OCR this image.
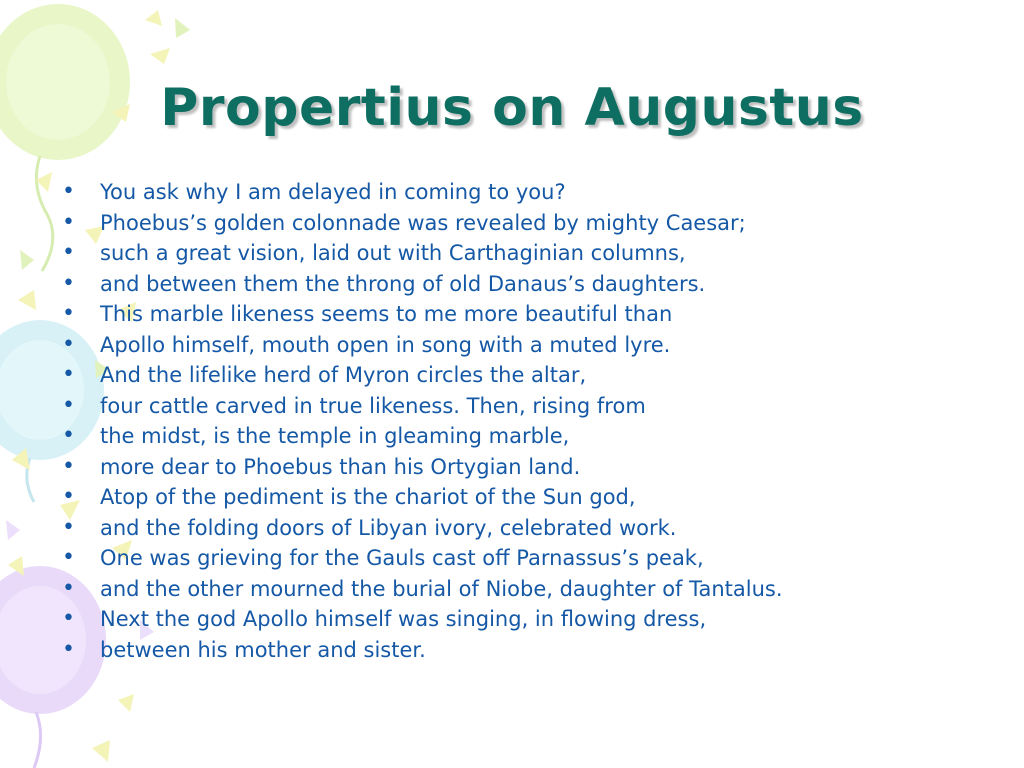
Propertius on Augustus
• You ask why I am delayed in coming to you?
• Phoebus’s golden colonnade was revealed by mighty Caesar;
• such a great vision, laid out with Carthaginian columns,
• and between them the throng of old Danaus’s daughters.
• This marble likeness seems to me more beautiful than
• Apollo himself, mouth open in song with a muted lyre.
• And the lifelike herd of Myron circles the altar,
• four cattle carved in true likeness. Then, rising from
• the midst, is the temple in gleaming marble,
• more dear to Phoebus than his Ortygian land.
• Atop of the pediment is the chariot of the Sun god,
• and the folding doors of Libyan ivory, celebrated work.
• One was grieving for the Gauls cast off Parnassus’s peak,
• and the other mourned the burial of Niobe, daughter of Tantalus.
• Next the god Apollo himself was singing, in flowing dress,
• between his mother and sister.
